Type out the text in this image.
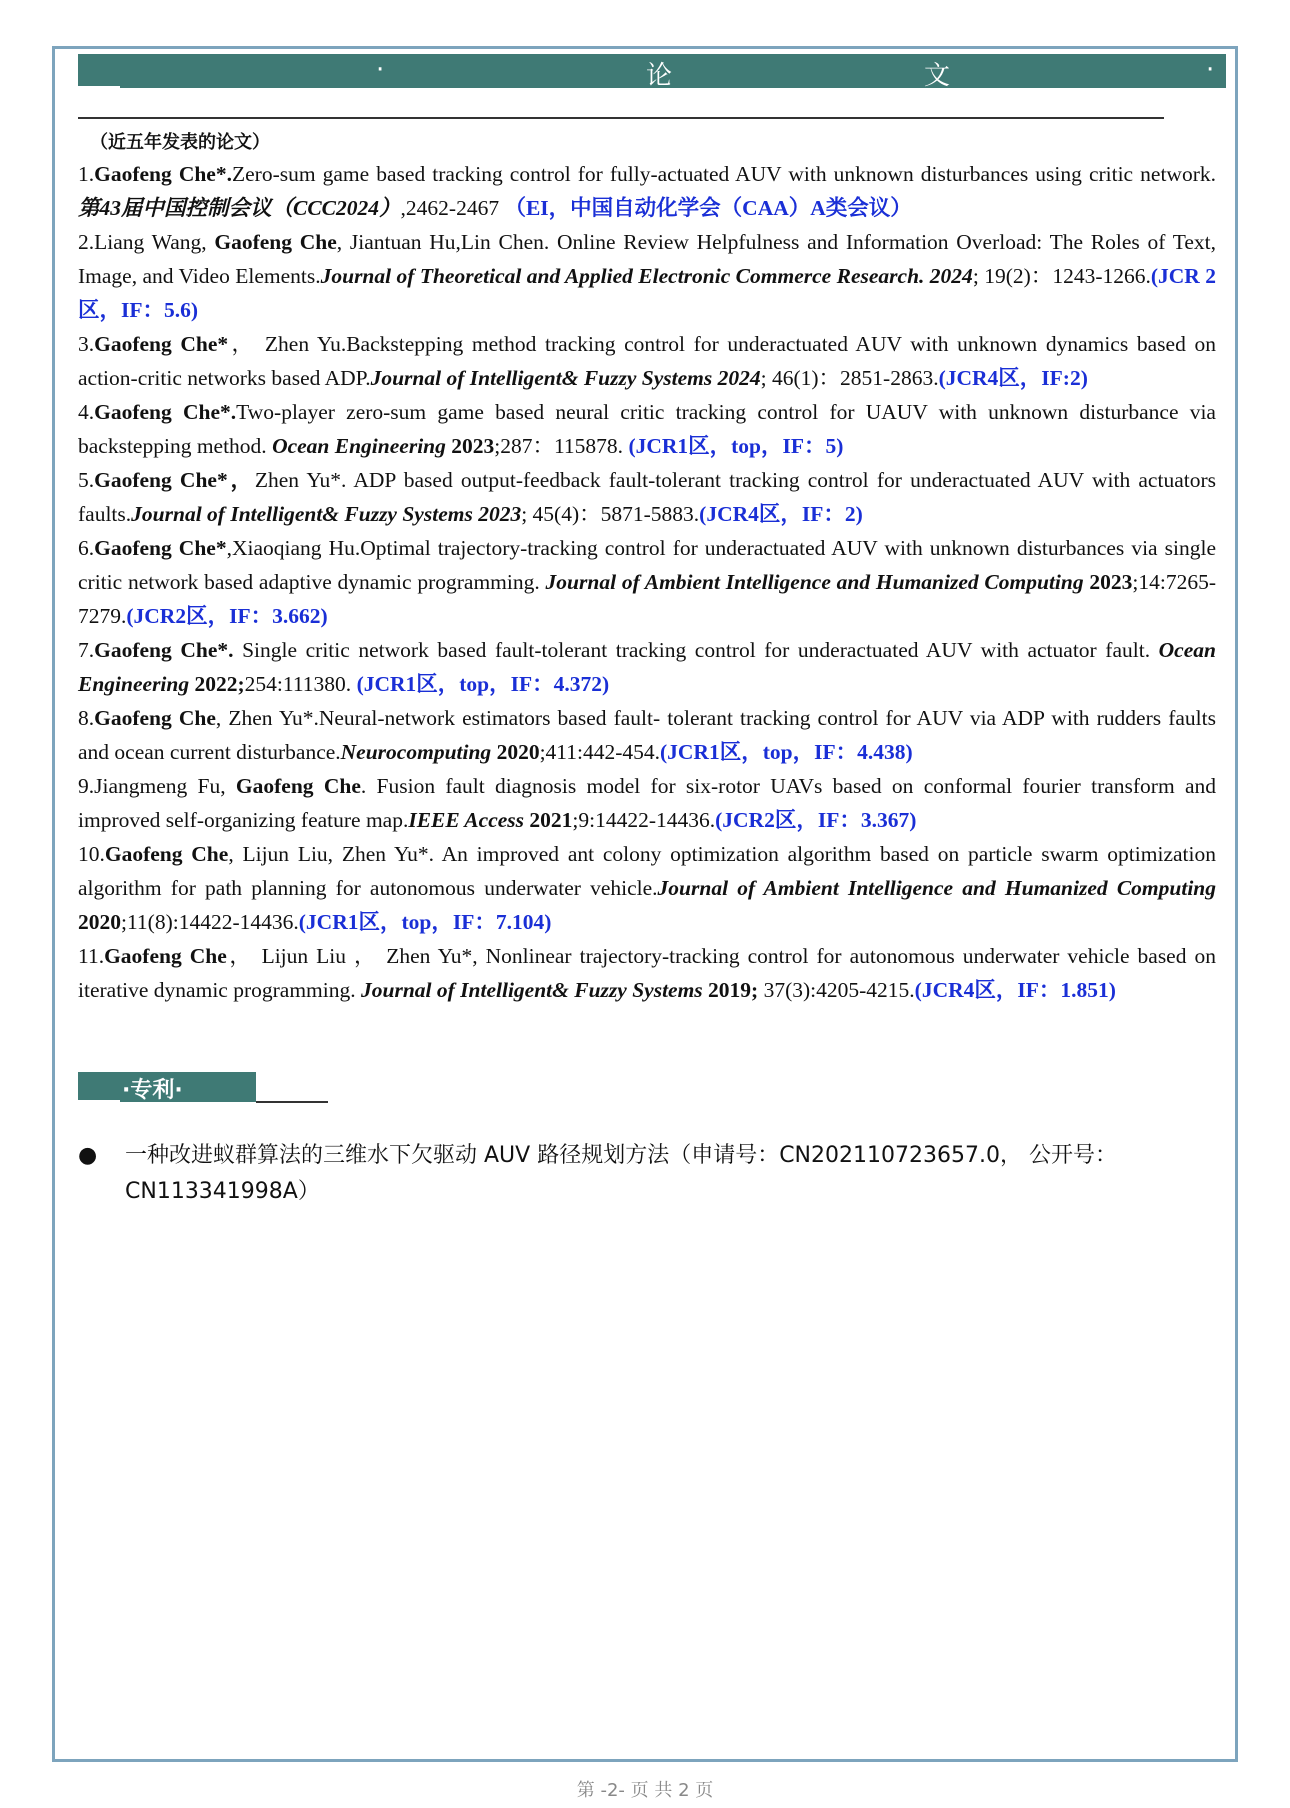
·	论	文	·
（近五年发表的论文）

1.Gaofeng Che*.Zero-sum game based tracking control for fully-actuated AUV with unknown disturbances using critic network. 第43届中国控制会议（CCC2024）,2462-2467 （EI，中国自动化学会（CAA）A类会议）

2.Liang Wang, Gaofeng Che, Jiantuan Hu,Lin Chen. Online Review Helpfulness and Information Overload: The Roles of Text, Image, and Video Elements.Journal of Theoretical and Applied Electronic Commerce Research. 2024; 19(2)：1243-1266.(JCR 2区，IF：5.6)

3.Gaofeng Che*， Zhen Yu.Backstepping method tracking control for underactuated AUV with unknown dynamics based on action-critic networks based ADP.Journal of Intelligent& Fuzzy Systems 2024; 46(1)：2851-2863.(JCR4区，IF:2)

4.Gaofeng Che*.Two-player zero-sum game based neural critic tracking control for UAUV with unknown disturbance via backstepping method. Ocean Engineering 2023;287：115878. (JCR1区，top，IF：5)

5.Gaofeng Che*，Zhen Yu*. ADP based output-feedback fault-tolerant tracking control for underactuated AUV with actuators faults.Journal of Intelligent& Fuzzy Systems 2023; 45(4)：5871-5883.(JCR4区，IF：2)

6.Gaofeng Che*,Xiaoqiang Hu.Optimal trajectory-tracking control for underactuated AUV with unknown disturbances via single critic network based adaptive dynamic programming. Journal of Ambient Intelligence and Humanized Computing 2023;14:7265-7279.(JCR2区，IF：3.662)

7.Gaofeng Che*. Single critic network based fault-tolerant tracking control for underactuated AUV with actuator fault. Ocean Engineering 2022;254:111380. (JCR1区，top，IF：4.372)

8.Gaofeng Che, Zhen Yu*.Neural-network estimators based fault- tolerant tracking control for AUV via ADP with rudders faults and ocean current disturbance.Neurocomputing 2020;411:442-454.(JCR1区，top，IF：4.438)

9.Jiangmeng Fu, Gaofeng Che. Fusion fault diagnosis model for six-rotor UAVs based on conformal fourier transform and improved self-organizing feature map.IEEE Access 2021;9:14422-14436.(JCR2区，IF：3.367)

10.Gaofeng Che, Lijun Liu, Zhen Yu*. An improved ant colony optimization algorithm based on particle swarm optimization algorithm for path planning for autonomous underwater vehicle.Journal of Ambient Intelligence and Humanized Computing 2020;11(8):14422-14436.(JCR1区，top，IF：7.104)

11.Gaofeng Che， Lijun Liu ， Zhen Yu*, Nonlinear trajectory-tracking control for autonomous underwater vehicle based on iterative dynamic programming. Journal of Intelligent& Fuzzy Systems 2019; 37(3):4205-4215.(JCR4区，IF：1.851)

·专利·
● 一种改进蚁群算法的三维水下欠驱动 AUV 路径规划方法（申请号：CN202110723657.0， 公开号：CN113341998A）
第 -2- 页 共 2 页
